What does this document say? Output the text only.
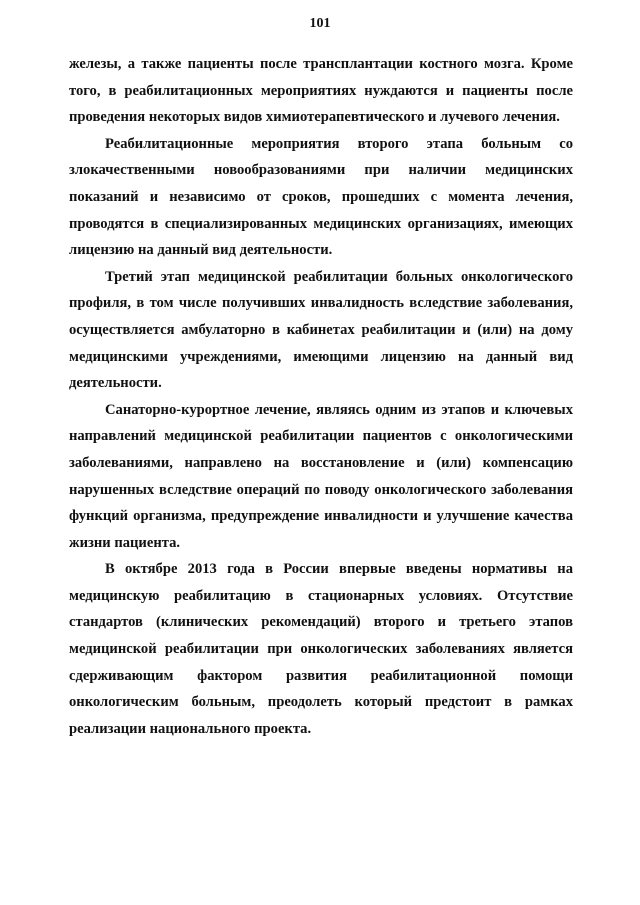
101

железы, а также пациенты после трансплантации костного мозга. Кроме того, в реабилитационных мероприятиях нуждаются и пациенты после проведения некоторых видов химиотерапевтического и лучевого лечения.

Реабилитационные мероприятия второго этапа больным со злокачественными новообразованиями при наличии медицинских показаний и независимо от сроков, прошедших с момента лечения, проводятся в специализированных медицинских организациях, имеющих лицензию на данный вид деятельности.

Третий этап медицинской реабилитации больных онкологического профиля, в том числе получивших инвалидность вследствие заболевания, осуществляется амбулаторно в кабинетах реабилитации и (или) на дому медицинскими учреждениями, имеющими лицензию на данный вид деятельности.

Санаторно-курортное лечение, являясь одним из этапов и ключевых направлений медицинской реабилитации пациентов с онкологическими заболеваниями, направлено на восстановление и (или) компенсацию нарушенных вследствие операций по поводу онкологического заболевания функций организма, предупреждение инвалидности и улучшение качества жизни пациента.

В октябре 2013 года в России впервые введены нормативы на медицинскую реабилитацию в стационарных условиях. Отсутствие стандартов (клинических рекомендаций) второго и третьего этапов медицинской реабилитации при онкологических заболеваниях является сдерживающим фактором развития реабилитационной помощи онкологическим больным, преодолеть который предстоит в рамках реализации национального проекта.
